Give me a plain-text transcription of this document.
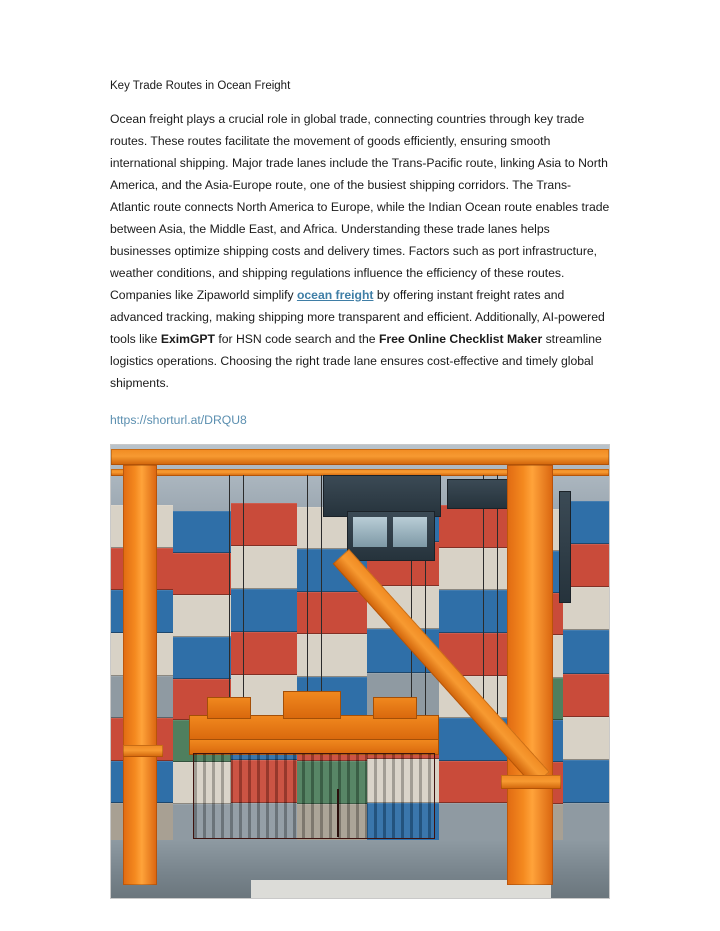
Key Trade Routes in Ocean Freight

Ocean freight plays a crucial role in global trade, connecting countries through key trade routes. These routes facilitate the movement of goods efficiently, ensuring smooth international shipping. Major trade lanes include the Trans-Pacific route, linking Asia to North America, and the Asia-Europe route, one of the busiest shipping corridors. The Trans-Atlantic route connects North America to Europe, while the Indian Ocean route enables trade between Asia, the Middle East, and Africa. Understanding these trade lanes helps businesses optimize shipping costs and delivery times. Factors such as port infrastructure, weather conditions, and shipping regulations influence the efficiency of these routes. Companies like Zipaworld simplify ocean freight by offering instant freight rates and advanced tracking, making shipping more transparent and efficient. Additionally, AI-powered tools like EximGPT for HSN code search and the Free Online Checklist Maker streamline logistics operations. Choosing the right trade lane ensures cost-effective and timely global shipments.

https://shorturl.at/DRQU8
